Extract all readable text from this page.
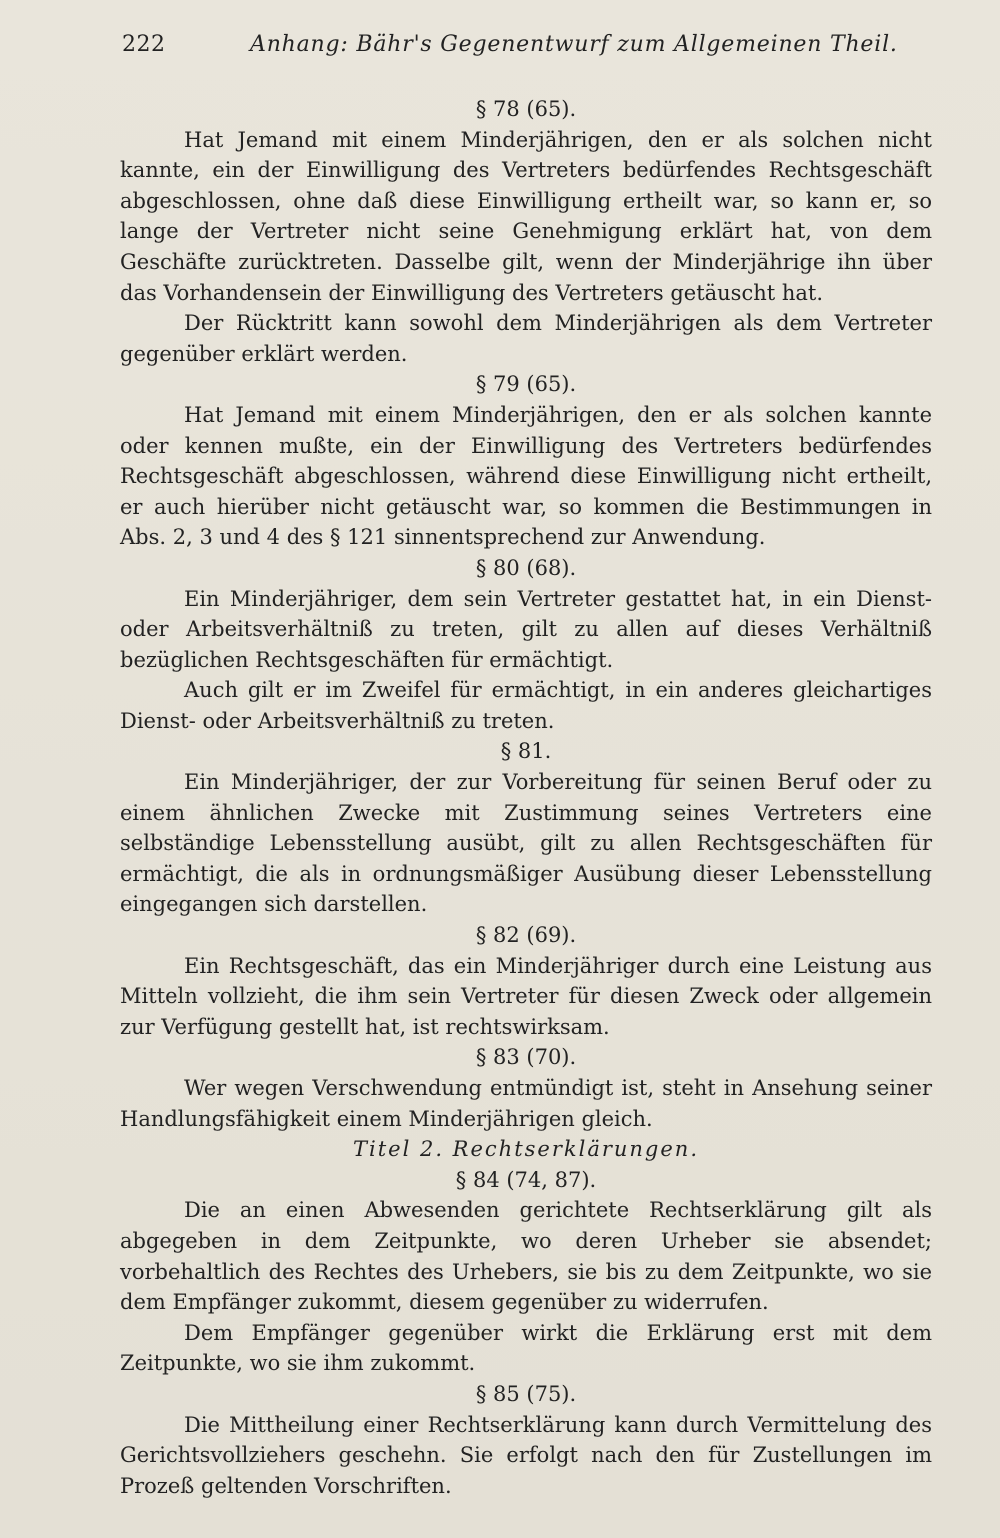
222	Anhang: Bähr's Gegenentwurf zum Allgemeinen Theil.

§ 78 (65).

Hat Jemand mit einem Minderjährigen, den er als solchen nicht kannte, ein der Einwilligung des Vertreters bedürfendes Rechtsgeschäft abgeschlossen, ohne daß diese Einwilligung ertheilt war, so kann er, so lange der Vertreter nicht seine Genehmigung erklärt hat, von dem Geschäfte zurücktreten. Dasselbe gilt, wenn der Minderjährige ihn über das Vorhandensein der Einwilligung des Vertreters getäuscht hat.

Der Rücktritt kann sowohl dem Minderjährigen als dem Vertreter gegenüber erklärt werden.

§ 79 (65).

Hat Jemand mit einem Minderjährigen, den er als solchen kannte oder kennen mußte, ein der Einwilligung des Vertreters bedürfendes Rechtsgeschäft abgeschlossen, während diese Einwilligung nicht ertheilt, er auch hierüber nicht getäuscht war, so kommen die Bestimmungen in Abs. 2, 3 und 4 des § 121 sinnentsprechend zur Anwendung.

§ 80 (68).

Ein Minderjähriger, dem sein Vertreter gestattet hat, in ein Dienst- oder Arbeitsverhältniß zu treten, gilt zu allen auf dieses Verhältniß bezüglichen Rechtsgeschäften für ermächtigt.

Auch gilt er im Zweifel für ermächtigt, in ein anderes gleichartiges Dienst- oder Arbeitsverhältniß zu treten.

§ 81.

Ein Minderjähriger, der zur Vorbereitung für seinen Beruf oder zu einem ähnlichen Zwecke mit Zustimmung seines Vertreters eine selbständige Lebensstellung ausübt, gilt zu allen Rechtsgeschäften für ermächtigt, die als in ordnungsmäßiger Ausübung dieser Lebensstellung eingegangen sich darstellen.

§ 82 (69).

Ein Rechtsgeschäft, das ein Minderjähriger durch eine Leistung aus Mitteln vollzieht, die ihm sein Vertreter für diesen Zweck oder allgemein zur Verfügung gestellt hat, ist rechtswirksam.

§ 83 (70).

Wer wegen Verschwendung entmündigt ist, steht in Ansehung seiner Handlungsfähigkeit einem Minderjährigen gleich.

Titel 2. Rechtserklärungen.

§ 84 (74, 87).

Die an einen Abwesenden gerichtete Rechtserklärung gilt als abgegeben in dem Zeitpunkte, wo deren Urheber sie absendet; vorbehaltlich des Rechtes des Urhebers, sie bis zu dem Zeitpunkte, wo sie dem Empfänger zukommt, diesem gegenüber zu widerrufen.

Dem Empfänger gegenüber wirkt die Erklärung erst mit dem Zeitpunkte, wo sie ihm zukommt.

§ 85 (75).

Die Mittheilung einer Rechtserklärung kann durch Vermittelung des Gerichtsvollziehers geschehn. Sie erfolgt nach den für Zustellungen im Prozeß geltenden Vorschriften.
